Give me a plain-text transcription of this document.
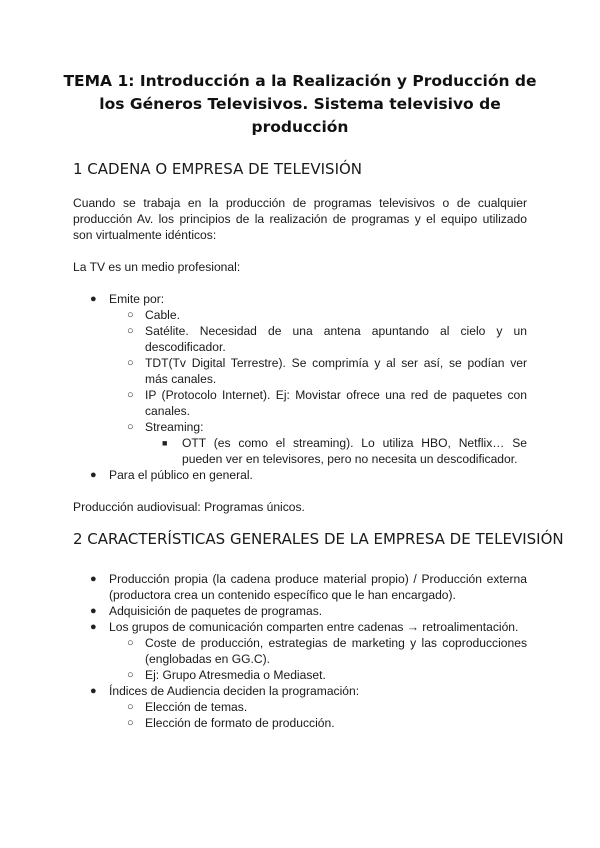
TEMA 1: Introducción a la Realización y Producción de
los Géneros Televisivos. Sistema televisivo de
producción
1 CADENA O EMPRESA DE TELEVISIÓN
Cuando se trabaja en la producción de programas televisivos o de cualquier
producción Av. los principios de la realización de programas y el equipo utilizado
son virtualmente idénticos:
La TV es un medio profesional:
● Emite por:
○ Cable.
○ Satélite. Necesidad de una antena apuntando al cielo y un
descodificador.
○ TDT(Tv Digital Terrestre). Se comprimía y al ser así, se podían ver
más canales.
○ IP (Protocolo Internet). Ej: Movistar ofrece una red de paquetes con
canales.
○ Streaming:
■ OTT (es como el streaming). Lo utiliza HBO, Netflix… Se
pueden ver en televisores, pero no necesita un descodificador.
● Para el público en general.
Producción audiovisual: Programas únicos.
2 CARACTERÍSTICAS GENERALES DE LA EMPRESA DE TELEVISIÓN
● Producción propia (la cadena produce material propio) / Producción externa
(productora crea un contenido específico que le han encargado).
● Adquisición de paquetes de programas.
● Los grupos de comunicación comparten entre cadenas → retroalimentación.
○ Coste de producción, estrategias de marketing y las coproducciones
(englobadas en GG.C).
○ Ej: Grupo Atresmedia o Mediaset.
● Índices de Audiencia deciden la programación:
○ Elección de temas.
○ Elección de formato de producción.
